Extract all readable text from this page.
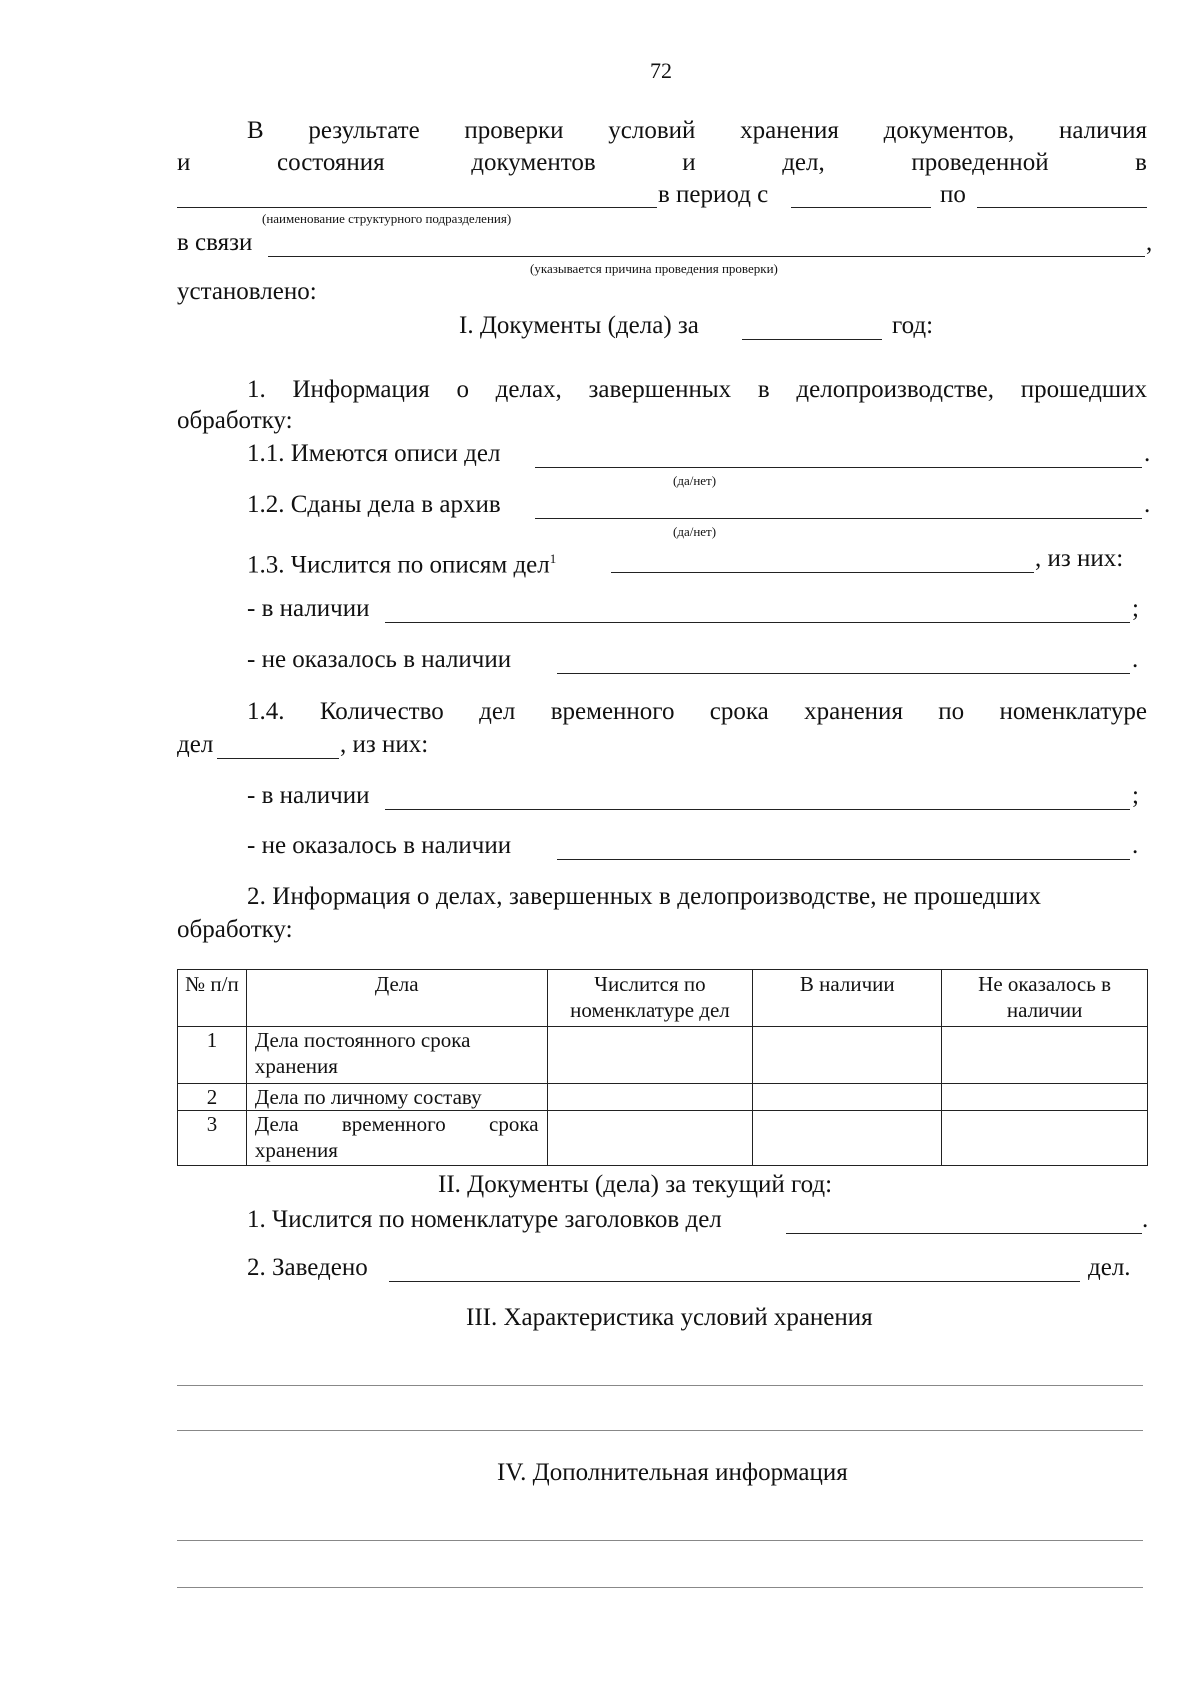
72
В результате проверки условий хранения документов, наличия
и	состояния	документов	и	дел,	проведенной	в
в период с	по
(наименование структурного подразделения)
в связи	,
(указывается причина проведения проверки)
установлено:
I. Документы (дела) за	год:
1. Информация о делах, завершенных в делопроизводстве, прошедших
обработку:
1.1. Имеются описи дел	.
(да/нет)
1.2. Сданы дела в архив	.
(да/нет)
1.3. Числится по описям дел$^1$	, из них:
- в наличии	;
- не оказалось в наличии	.
1.4. Количество дел временного срока хранения по номенклатуре
дел	, из них:
- в наличии	;
- не оказалось в наличии	.
2. Информация о делах, завершенных в делопроизводстве, не прошедших
обработку:
№ п/п	Дела	Числится по номенклатуре дел	В наличии	Не оказалось в наличии
1	Дела постоянного срока хранения			
2	Дела по личному составу			
3	Дела временного срока хранения			
II. Документы (дела) за текущий год:
1. Числится по номенклатуре заголовков дел	.
2. Заведено	дел.
III. Характеристика условий хранения
IV. Дополнительная информация
